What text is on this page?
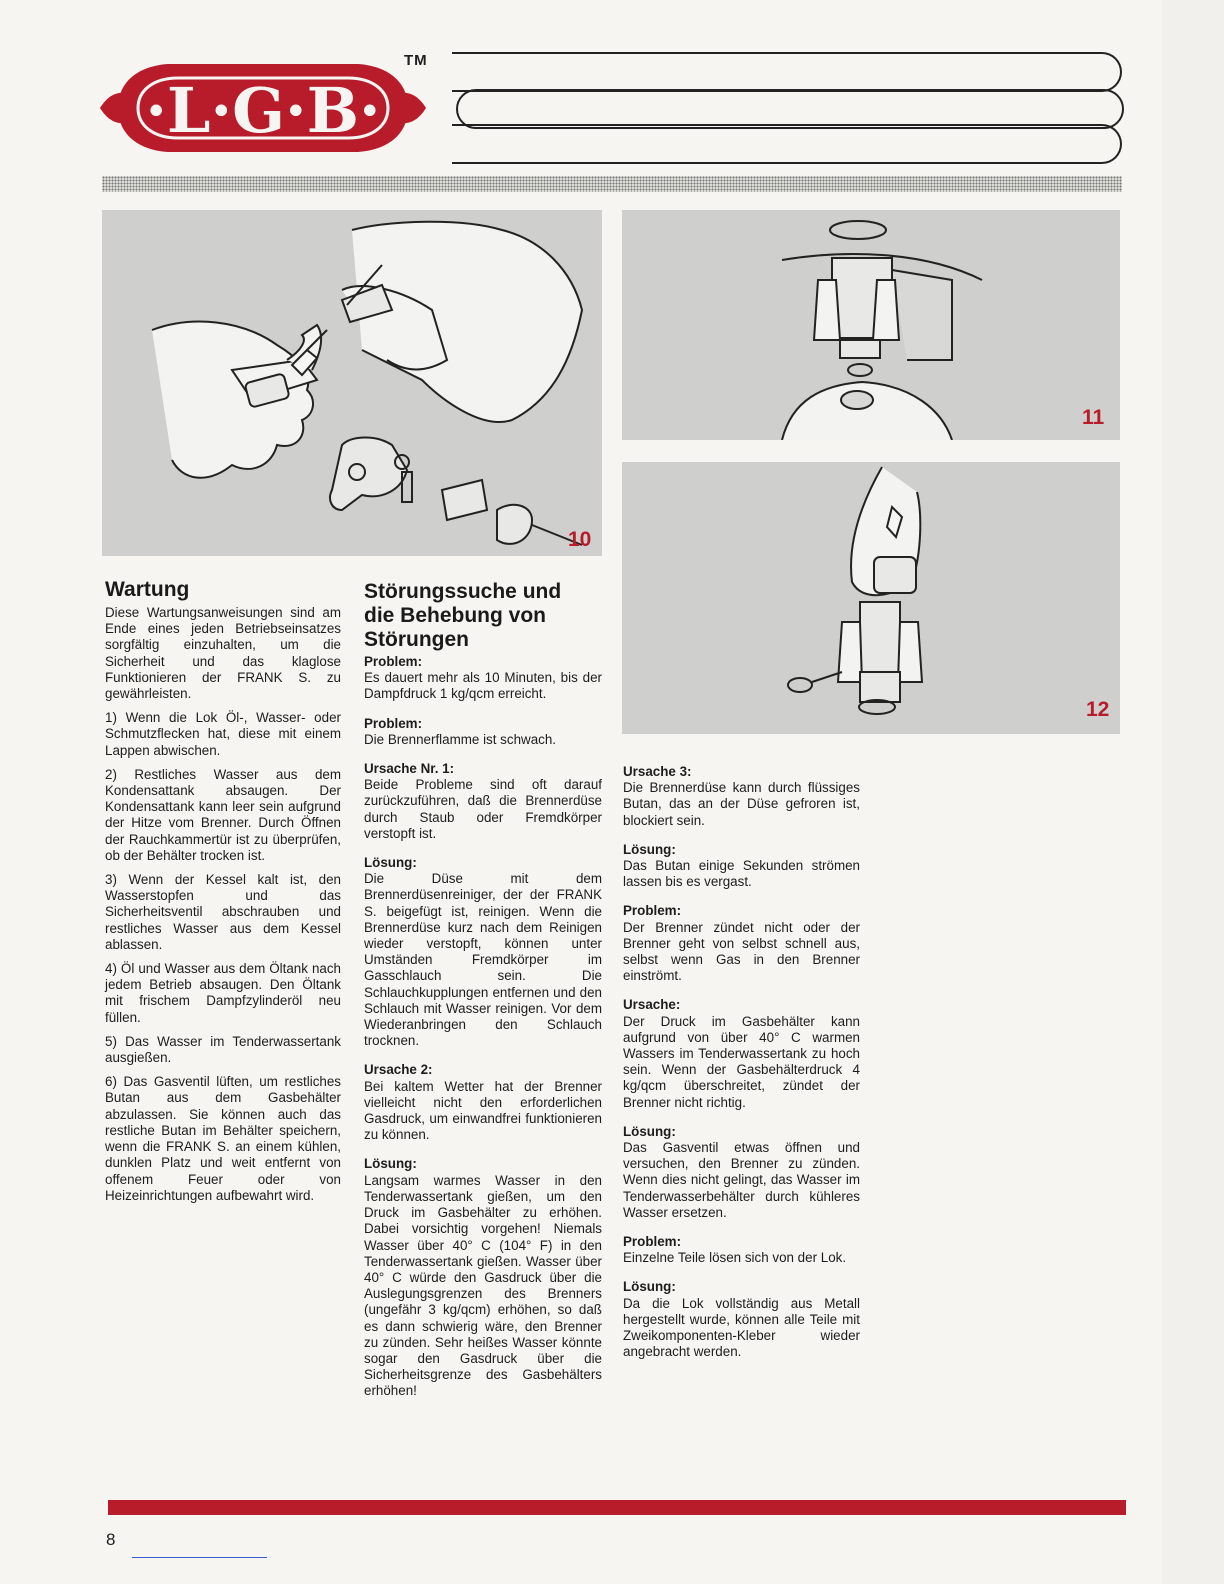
·L·G·B·
TM
10
11
12
Wartung

Diese Wartungsanweisungen sind am Ende eines jeden Betriebseinsatzes sorgfältig einzuhalten, um die Sicherheit und das klaglose Funktionieren der FRANK S. zu gewährleisten.

1) Wenn die Lok Öl-, Wasser- oder Schmutzflecken hat, diese mit einem Lappen abwischen.

2) Restliches Wasser aus dem Kondensattank absaugen. Der Kondensattank kann leer sein aufgrund der Hitze vom Brenner. Durch Öffnen der Rauchkammertür ist zu überprüfen, ob der Behälter trocken ist.

3) Wenn der Kessel kalt ist, den Wasserstopfen und das Sicherheitsventil abschrauben und restliches Wasser aus dem Kessel ablassen.

4) Öl und Wasser aus dem Öltank nach jedem Betrieb absaugen. Den Öltank mit frischem Dampfzylinderöl neu füllen.

5) Das Wasser im Tenderwassertank ausgießen.

6) Das Gasventil lüften, um restliches Butan aus dem Gasbehälter abzulassen. Sie können auch das restliche Butan im Behälter speichern, wenn die FRANK S. an einem kühlen, dunklen Platz und weit entfernt von offenem Feuer oder von Heizeinrichtungen aufbewahrt wird.

Störungssuche und
die Behebung von
Störungen
Problem:
Es dauert mehr als 10 Minuten, bis der Dampfdruck 1 kg/qcm erreicht.
Problem:
Die Brennerflamme ist schwach.
Ursache Nr. 1:
Beide Probleme sind oft darauf zurückzuführen, daß die Brennerdüse durch Staub oder Fremdkörper verstopft ist.
Lösung:
Die Düse mit dem Brennerdüsenreiniger, der der FRANK S. beigefügt ist, reinigen. Wenn die Brennerdüse kurz nach dem Reinigen wieder verstopft, können unter Umständen Fremdkörper im Gasschlauch sein. Die Schlauchkupplungen entfernen und den Schlauch mit Wasser reinigen. Vor dem Wiederanbringen den Schlauch trocknen.
Ursache 2:
Bei kaltem Wetter hat der Brenner vielleicht nicht den erforderlichen Gasdruck, um einwandfrei funktionieren zu können.
Lösung:
Langsam warmes Wasser in den Tenderwassertank gießen, um den Druck im Gasbehälter zu erhöhen. Dabei vorsichtig vorgehen! Niemals Wasser über 40° C (104° F) in den Tenderwassertank gießen. Wasser über 40° C würde den Gasdruck über die Auslegungsgrenzen des Brenners (ungefähr 3 kg/qcm) erhöhen, so daß es dann schwierig wäre, den Brenner zu zünden. Sehr heißes Wasser könnte sogar den Gasdruck über die Sicherheitsgrenze des Gasbehälters erhöhen!
Ursache 3:
Die Brennerdüse kann durch flüssiges Butan, das an der Düse gefroren ist, blockiert sein.
Lösung:
Das Butan einige Sekunden strömen lassen bis es vergast.
Problem:
Der Brenner zündet nicht oder der Brenner geht von selbst schnell aus, selbst wenn Gas in den Brenner einströmt.
Ursache:
Der Druck im Gasbehälter kann aufgrund von über 40° C warmen Wassers im Tenderwassertank zu hoch sein. Wenn der Gasbehälterdruck 4 kg/qcm überschreitet, zündet der Brenner nicht richtig.
Lösung:
Das Gasventil etwas öffnen und versuchen, den Brenner zu zünden. Wenn dies nicht gelingt, das Wasser im Tenderwasserbehälter durch kühleres Wasser ersetzen.
Problem:
Einzelne Teile lösen sich von der Lok.
Lösung:
Da die Lok vollständig aus Metall hergestellt wurde, können alle Teile mit Zweikomponenten-Kleber wieder angebracht werden.
8
